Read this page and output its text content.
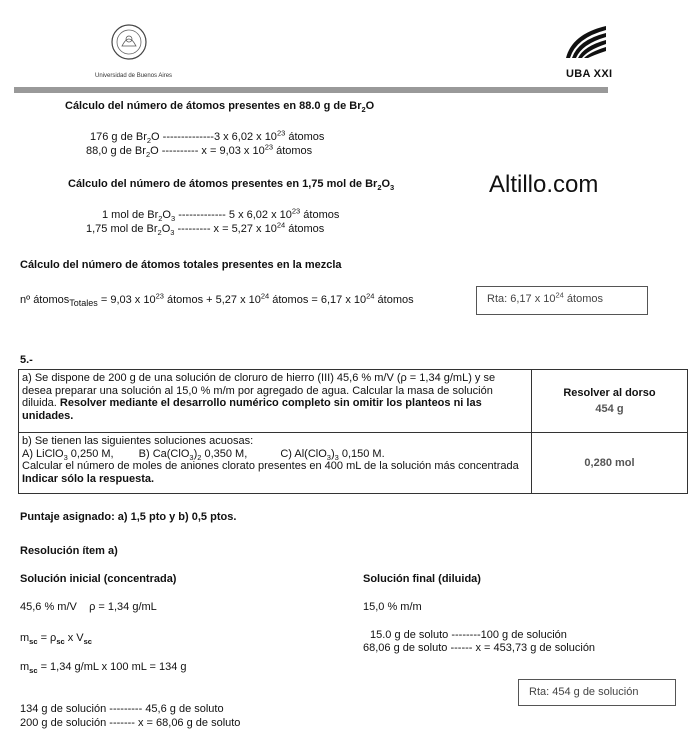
Universidad de Buenos Aires	UBA XXI
Altillo.com
Cálculo del número de átomos presentes en 88.0 g de $Br_2O$
176 g de $Br_2O$ --------------3 x 6,02 x $10^{23}$ átomos
88,0 g de $Br_2O$ ---------- x = 9,03 x $10^{23}$ átomos
Cálculo del número de átomos presentes en 1,75 mol de $Br_2O_3$
1 mol de $Br_2O_3$ ------------- 5 x 6,02 x $10^{23}$ átomos
1,75 mol de $Br_2O_3$ --------- x = 5,27 x $10^{24}$ átomos
Cálculo del número de átomos totales presentes en la mezcla
nº átomos$_{Totales}$ = 9,03 x $10^{23}$ átomos + 5,27 x $10^{24}$ átomos = 6,17 x $10^{24}$ átomos	Rta: 6,17 x $10^{24}$ átomos
5.-
a) Se dispone de 200 g de una solución de cloruro de hierro (III) 45,6 % m/V (ρ = 1,34 g/mL) y se desea preparar una solución al 15,0 % m/m por agregado de agua. Calcular la masa de solución diluida. Resolver mediante el desarrollo numérico completo sin omitir los planteos ni las unidades.	Resolver al dorso
454 g

b) Se tienen las siguientes soluciones acuosas:
A) LiClO$_3$ 0,250 M, B) $Ca(ClO_3)_2$ 0,350 M, C) $Al(ClO_3)_3$ 0,150 M.
Calcular el número de moles de aniones clorato presentes en 400 mL de la solución más concentrada Indicar sólo la respuesta.	0,280 mol
Puntaje asignado: a) 1,5 pto y b) 0,5 ptos.
Resolución ítem a)
Solución inicial (concentrada)	Solución final (diluida)
45,6 % m/V    ρ = 1,34 g/mL
$m_{sc} = \rho_{sc}$ x $V_{sc}$
$m_{sc} = 1,34$ g/mL x 100 mL = 134 g
134 g de solución --------- 45,6 g de soluto
200 g de solución ------- x = 68,06 g de soluto
15,0 % m/m
15.0 g de soluto --------100 g de solución
68,06 g de soluto ------ x = 453,73 g de solución
Rta: 454 g de solución
